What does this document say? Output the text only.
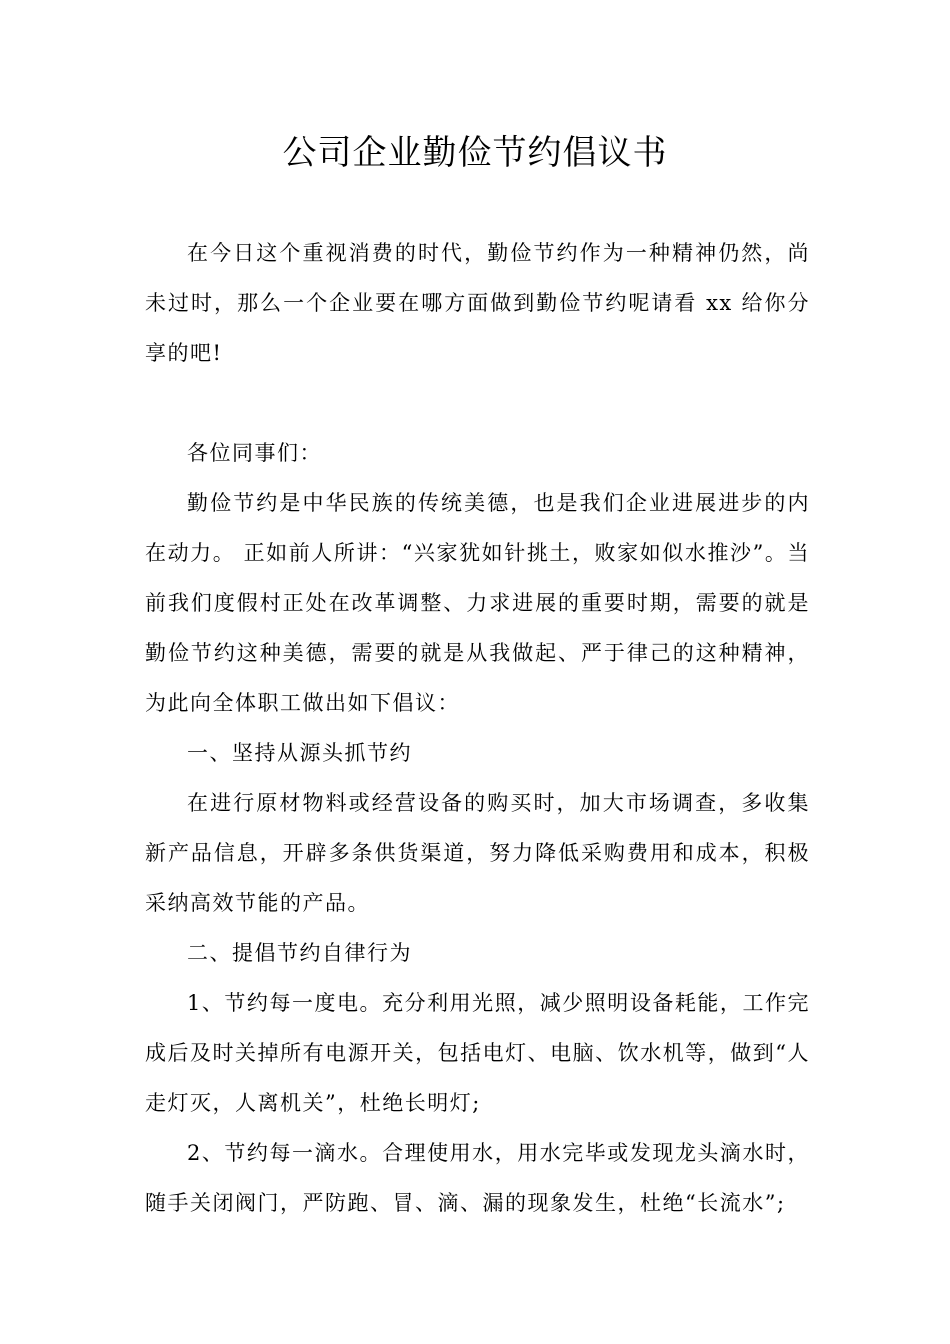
公司企业勤俭节约倡议书

在今日这个重视消费的时代，勤俭节约作为一种精神仍然，尚未过时，那么一个企业要在哪方面做到勤俭节约呢请看 xx 给你分享的吧!

各位同事们：

勤俭节约是中华民族的传统美德，也是我们企业进展进步的内在动力。 正如前人所讲：“兴家犹如针挑土，败家如似水推沙”。当前我们度假村正处在改革调整、力求进展的重要时期，需要的就是勤俭节约这种美德，需要的就是从我做起、严于律己的这种精神，为此向全体职工做出如下倡议：

一、坚持从源头抓节约

在进行原材物料或经营设备的购买时，加大市场调查，多收集新产品信息，开辟多条供货渠道，努力降低采购费用和成本，积极采纳高效节能的产品。

二、提倡节约自律行为

1、节约每一度电。充分利用光照，减少照明设备耗能，工作完成后及时关掉所有电源开关，包括电灯、电脑、饮水机等，做到“人走灯灭，人离机关”，杜绝长明灯;

2、节约每一滴水。合理使用水，用水完毕或发现龙头滴水时，随手关闭阀门，严防跑、冒、滴、漏的现象发生，杜绝“长流水”;
